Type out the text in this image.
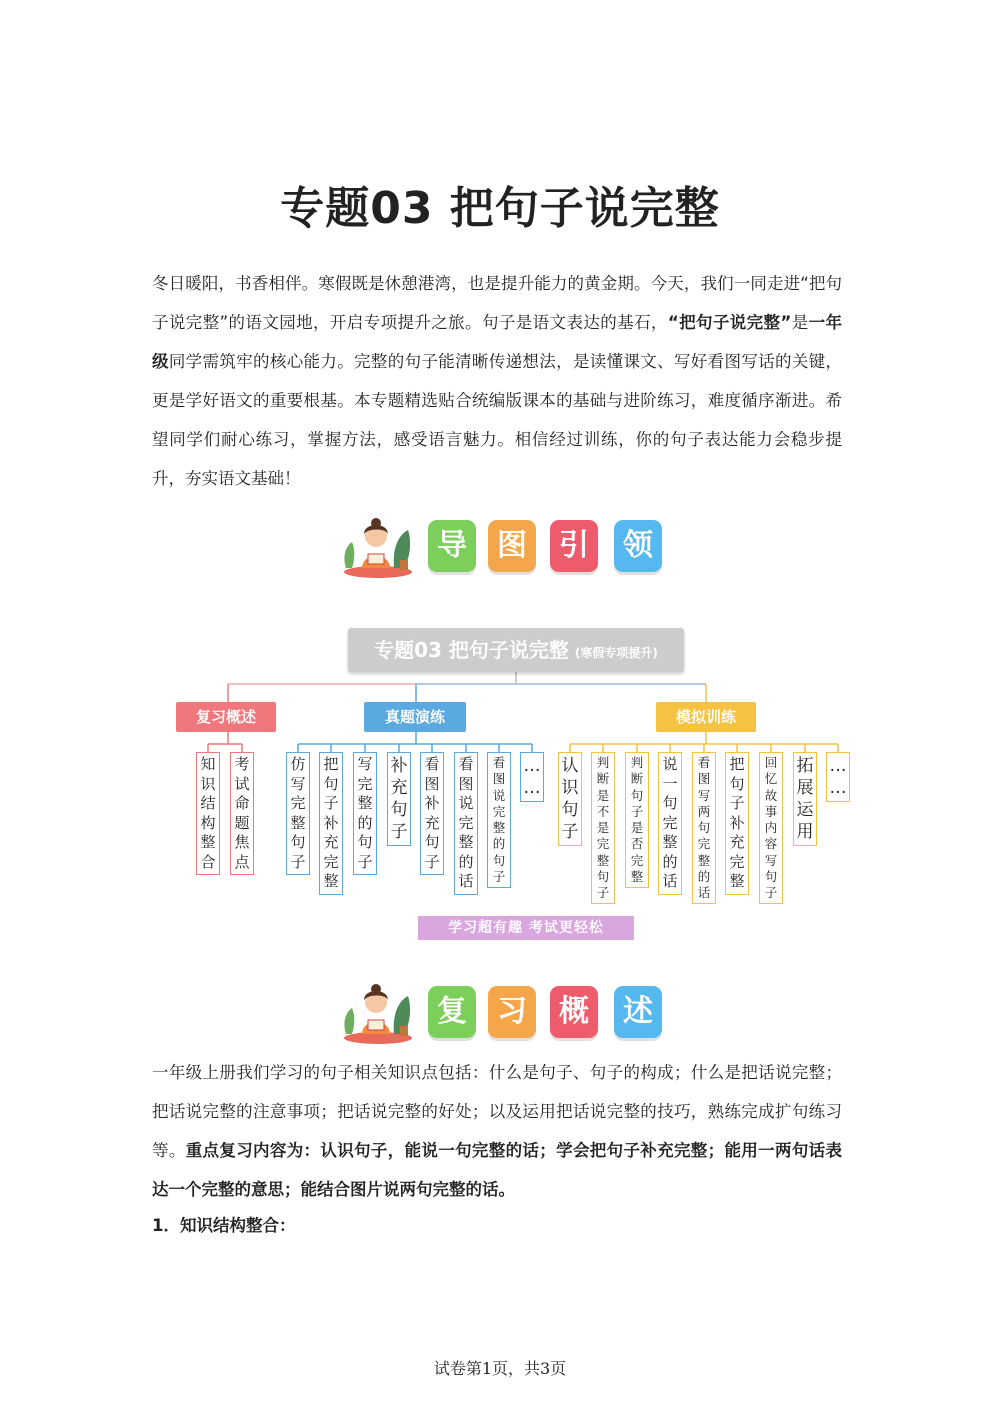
专题03 把句子说完整
冬日暖阳，书香相伴。寒假既是休憩港湾，也是提升能力的黄金期。今天，我们一同走进“把句子说完整”的语文园地，开启专项提升之旅。句子是语文表达的基石，“把句子说完整”是一年级同学需筑牢的核心能力。完整的句子能清晰传递想法，是读懂课文、写好看图写话的关键，更是学好语文的重要根基。本专题精选贴合统编版课本的基础与进阶练习，难度循序渐进。希望同学们耐心练习，掌握方法，感受语言魅力。相信经过训练，你的句子表达能力会稳步提升，夯实语文基础！
导	图	引	领
专题03 把句子说完整 (寒假专项提升)
复习概述	真题演练	模拟训练
知
识
结
构
整
合
考
试
命
题
焦
点
仿
写
完
整
句
子
把
句
子
补
充
完
整
写
完
整
的
句
子
补
充
句
子
看
图
补
充
句
子
看
图
说
完
整
的
话
看
图
说
完
整
的
句
子
…
…
认
识
句
子
判
断
是
不
是
完
整
句
子
判
断
句
子
是
否
完
整
说
一
句
完
整
的
话
看
图
写
两
句
完
整
的
话
把
句
子
补
充
完
整
回
忆
故
事
内
容
写
句
子
拓
展
运
用
…
…
学习超有趣 考试更轻松
复	习	概	述
一年级上册我们学习的句子相关知识点包括：什么是句子、句子的构成；什么是把话说完整；把话说完整的注意事项；把话说完整的好处；以及运用把话说完整的技巧，熟练完成扩句练习等。重点复习内容为：认识句子，能说一句完整的话；学会把句子补充完整；能用一两句话表达一个完整的意思；能结合图片说两句完整的话。
1．知识结构整合：
试卷第1页，共3页
